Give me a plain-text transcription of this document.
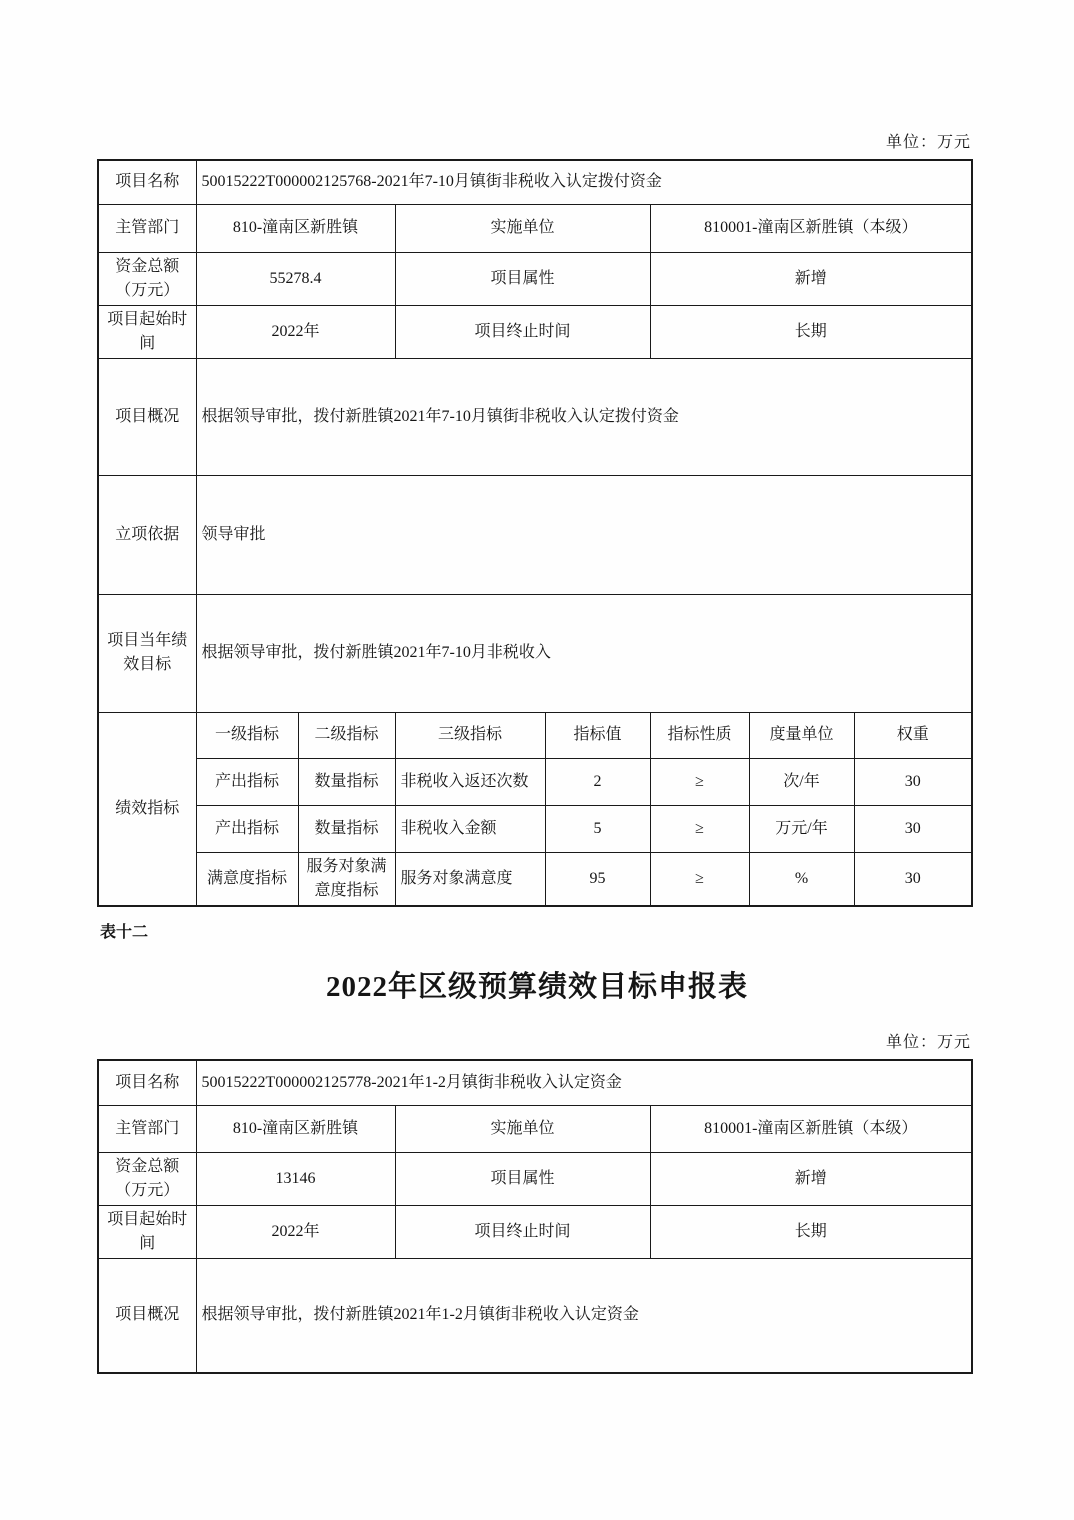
单位：万元
项目名称	50015222T000002125768-2021年7-10月镇街非税收入认定拨付资金						
主管部门	810-潼南区新胜镇		实施单位		810001-潼南区新胜镇（本级）		
资金总额（万元）	55278.4		项目属性		新增		
项目起始时间	2022年		项目终止时间		长期		
项目概况	根据领导审批，拨付新胜镇2021年7-10月镇街非税收入认定拨付资金						
立项依据	领导审批						
项目当年绩效目标	根据领导审批，拨付新胜镇2021年7-10月非税收入						
绩效指标	一级指标	二级指标	三级指标	指标值	指标性质	度量单位	权重
	产出指标	数量指标	非税收入返还次数	2	≥	次/年	30
	产出指标	数量指标	非税收入金额	5	≥	万元/年	30
	满意度指标	服务对象满意度指标	服务对象满意度	95	≥	%	30
表十二
2022年区级预算绩效目标申报表
单位：万元
项目名称	50015222T000002125778-2021年1-2月镇街非税收入认定资金		
主管部门	810-潼南区新胜镇	实施单位	810001-潼南区新胜镇（本级）
资金总额（万元）	13146	项目属性	新增
项目起始时间	2022年	项目终止时间	长期
项目概况	根据领导审批，拨付新胜镇2021年1-2月镇街非税收入认定资金		
